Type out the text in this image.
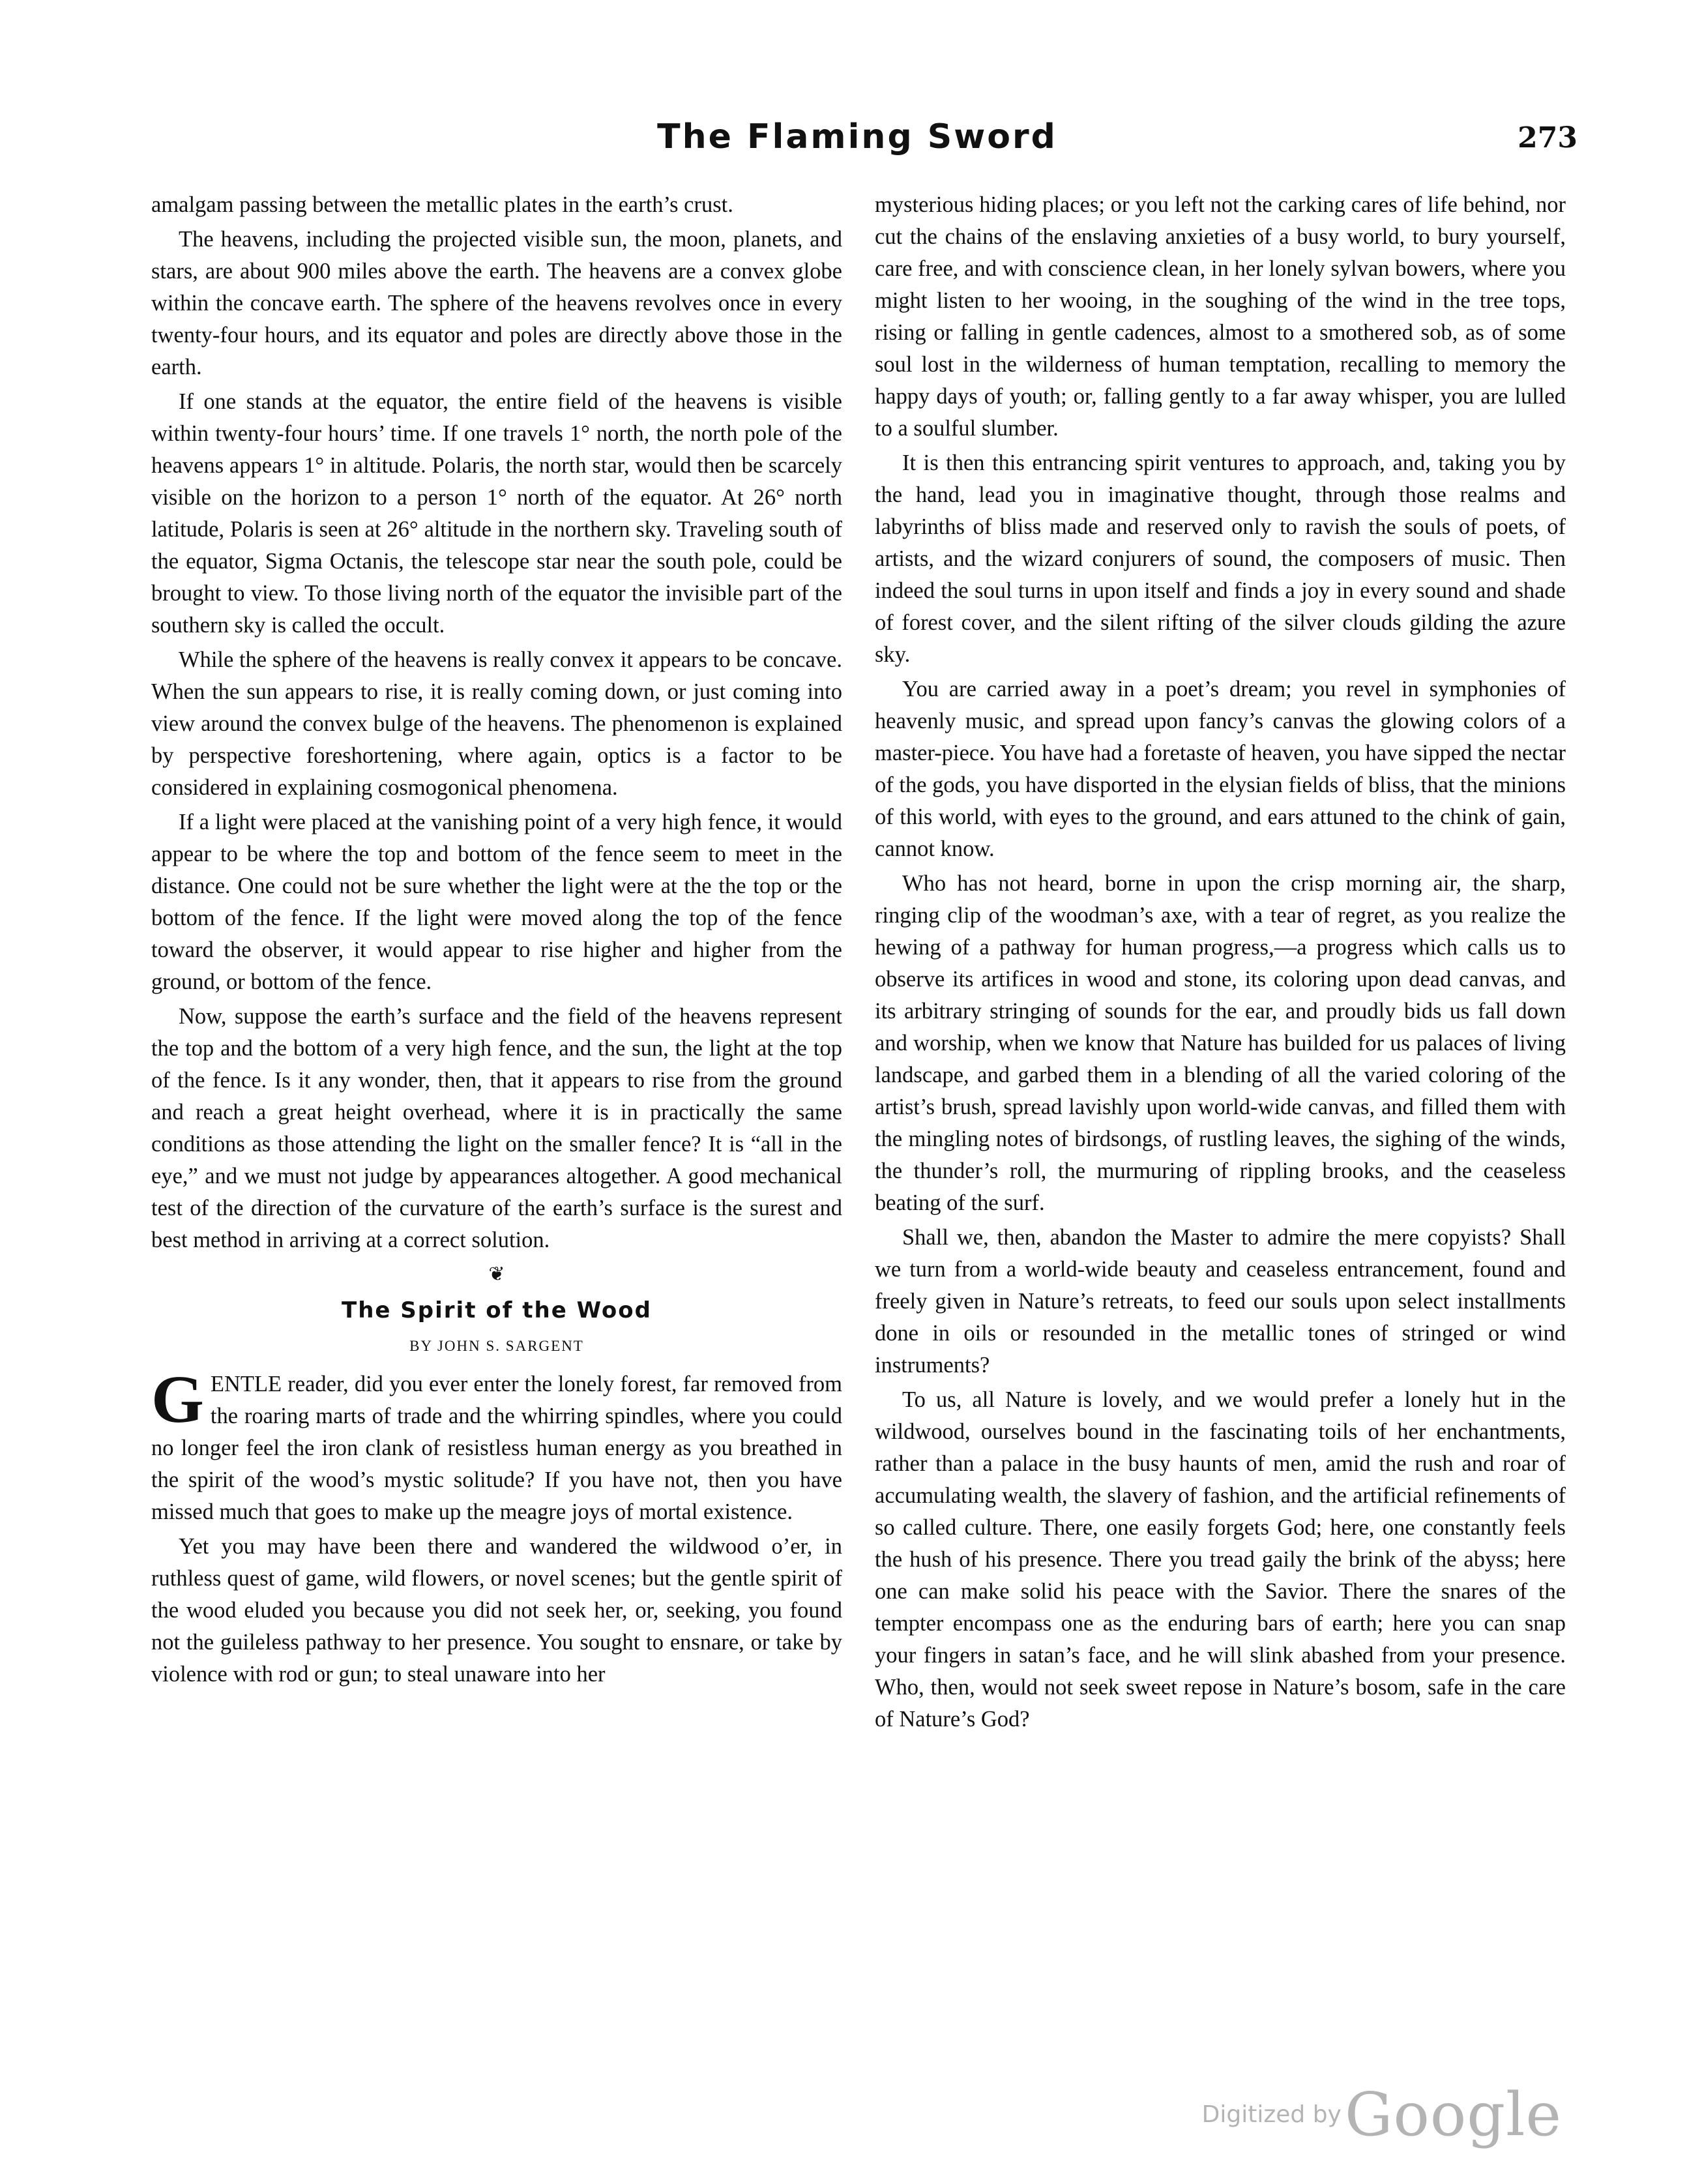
The Flaming Sword	273

amalgam passing between the metallic plates in the earth’s crust.

The heavens, including the projected visible sun, the moon, planets, and stars, are about 900 miles above the earth. The heavens are a convex globe within the concave earth. The sphere of the heavens revolves once in every twenty-four hours, and its equator and poles are directly above those in the earth.

If one stands at the equator, the entire field of the heavens is visible within twenty-four hours’ time. If one travels 1° north, the north pole of the heavens appears 1° in altitude. Polaris, the north star, would then be scarcely visible on the horizon to a person 1° north of the equator. At 26° north latitude, Polaris is seen at 26° altitude in the northern sky. Traveling south of the equator, Sigma Octanis, the telescope star near the south pole, could be brought to view. To those living north of the equator the invisible part of the southern sky is called the occult.

While the sphere of the heavens is really convex it appears to be concave. When the sun appears to rise, it is really coming down, or just coming into view around the convex bulge of the heavens. The phenomenon is explained by perspective foreshortening, where again, optics is a factor to be considered in explaining cosmogonical phenomena.

If a light were placed at the vanishing point of a very high fence, it would appear to be where the top and bottom of the fence seem to meet in the distance. One could not be sure whether the light were at the the top or the bottom of the fence. If the light were moved along the top of the fence toward the observer, it would appear to rise higher and higher from the ground, or bottom of the fence.

Now, suppose the earth’s surface and the field of the heavens represent the top and the bottom of a very high fence, and the sun, the light at the top of the fence. Is it any wonder, then, that it appears to rise from the ground and reach a great height overhead, where it is in practically the same conditions as those attending the light on the smaller fence? It is “all in the eye,” and we must not judge by appearances altogether. A good mechanical test of the direction of the curvature of the earth’s surface is the surest and best method in arriving at a correct solution.

❦
The Spirit of the Wood
BY JOHN S. SARGENT

GENTLE reader, did you ever enter the lonely forest, far removed from the roaring marts of trade and the whirring spindles, where you could no longer feel the iron clank of resistless human energy as you breathed in the spirit of the wood’s mystic solitude? If you have not, then you have missed much that goes to make up the meagre joys of mortal existence.

Yet you may have been there and wandered the wildwood o’er, in ruthless quest of game, wild flowers, or novel scenes; but the gentle spirit of the wood eluded you because you did not seek her, or, seeking, you found not the guileless pathway to her presence. You sought to ensnare, or take by violence with rod or gun; to steal unaware into her

mysterious hiding places; or you left not the carking cares of life behind, nor cut the chains of the enslaving anxieties of a busy world, to bury yourself, care free, and with conscience clean, in her lonely sylvan bowers, where you might listen to her wooing, in the soughing of the wind in the tree tops, rising or falling in gentle cadences, almost to a smothered sob, as of some soul lost in the wilderness of human temptation, recalling to memory the happy days of youth; or, falling gently to a far away whisper, you are lulled to a soulful slumber.

It is then this entrancing spirit ventures to approach, and, taking you by the hand, lead you in imaginative thought, through those realms and labyrinths of bliss made and reserved only to ravish the souls of poets, of artists, and the wizard conjurers of sound, the composers of music. Then indeed the soul turns in upon itself and finds a joy in every sound and shade of forest cover, and the silent rifting of the silver clouds gilding the azure sky.

You are carried away in a poet’s dream; you revel in symphonies of heavenly music, and spread upon fancy’s canvas the glowing colors of a master-piece. You have had a foretaste of heaven, you have sipped the nectar of the gods, you have disported in the elysian fields of bliss, that the minions of this world, with eyes to the ground, and ears attuned to the chink of gain, cannot know.

Who has not heard, borne in upon the crisp morning air, the sharp, ringing clip of the woodman’s axe, with a tear of regret, as you realize the hewing of a pathway for human progress,—a progress which calls us to observe its artifices in wood and stone, its coloring upon dead canvas, and its arbitrary stringing of sounds for the ear, and proudly bids us fall down and worship, when we know that Nature has builded for us palaces of living landscape, and garbed them in a blending of all the varied coloring of the artist’s brush, spread lavishly upon world-wide canvas, and filled them with the mingling notes of birdsongs, of rustling leaves, the sighing of the winds, the thunder’s roll, the murmuring of rippling brooks, and the ceaseless beating of the surf.

Shall we, then, abandon the Master to admire the mere copyists? Shall we turn from a world-wide beauty and ceaseless entrancement, found and freely given in Nature’s retreats, to feed our souls upon select installments done in oils or resounded in the metallic tones of stringed or wind instruments?

To us, all Nature is lovely, and we would prefer a lonely hut in the wildwood, ourselves bound in the fascinating toils of her enchantments, rather than a palace in the busy haunts of men, amid the rush and roar of accumulating wealth, the slavery of fashion, and the artificial refinements of so called culture. There, one easily forgets God; here, one constantly feels the hush of his presence. There you tread gaily the brink of the abyss; here one can make solid his peace with the Savior. There the snares of the tempter encompass one as the enduring bars of earth; here you can snap your fingers in satan’s face, and he will slink abashed from your presence. Who, then, would not seek sweet repose in Nature’s bosom, safe in the care of Nature’s God?

Digitized by Google
